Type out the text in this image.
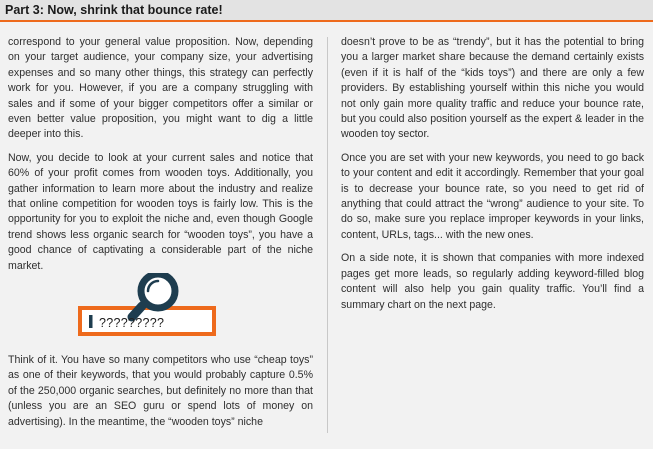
Part 3: Now, shrink that bounce rate!

correspond to your general value proposition. Now, depending on your target audience, your company size, your advertising expenses and so many other things, this strategy can perfectly work for you. However, if you are a company struggling with sales and if some of your bigger competitors offer a similar or even better value proposition, you might want to dig a little deeper into this.

Now, you decide to look at your current sales and notice that 60% of your profit comes from wooden toys. Additionally, you gather information to learn more about the industry and realize that online competition for wooden toys is fairly low. This is the opportunity for you to exploit the niche and, even though Google trend shows less organic search for “wooden toys”, you have a good chance of captivating a considerable part of the niche market.

?????????

Think of it. You have so many competitors who use “cheap toys” as one of their keywords, that you would probably capture 0.5% of the 250,000 organic searches, but definitely no more than that (unless you are an SEO guru or spend lots of money on advertising). In the meantime, the “wooden toys” niche

doesn’t prove to be as “trendy”, but it has the potential to bring you a larger market share because the demand certainly exists (even if it is half of the “kids toys”) and there are only a few providers. By establishing yourself within this niche you would not only gain more quality traffic and reduce your bounce rate, but you could also position yourself as the expert & leader in the wooden toy sector.

Once you are set with your new keywords, you need to go back to your content and edit it accordingly. Remember that your goal is to decrease your bounce rate, so you need to get rid of anything that could attract the “wrong” audience to your site. To do so, make sure you replace improper keywords in your links, content, URLs, tags... with the new ones.

On a side note, it is shown that companies with more indexed pages get more leads, so regularly adding keyword-filled blog content will also help you gain quality traffic. You’ll find a summary chart on the next page.
